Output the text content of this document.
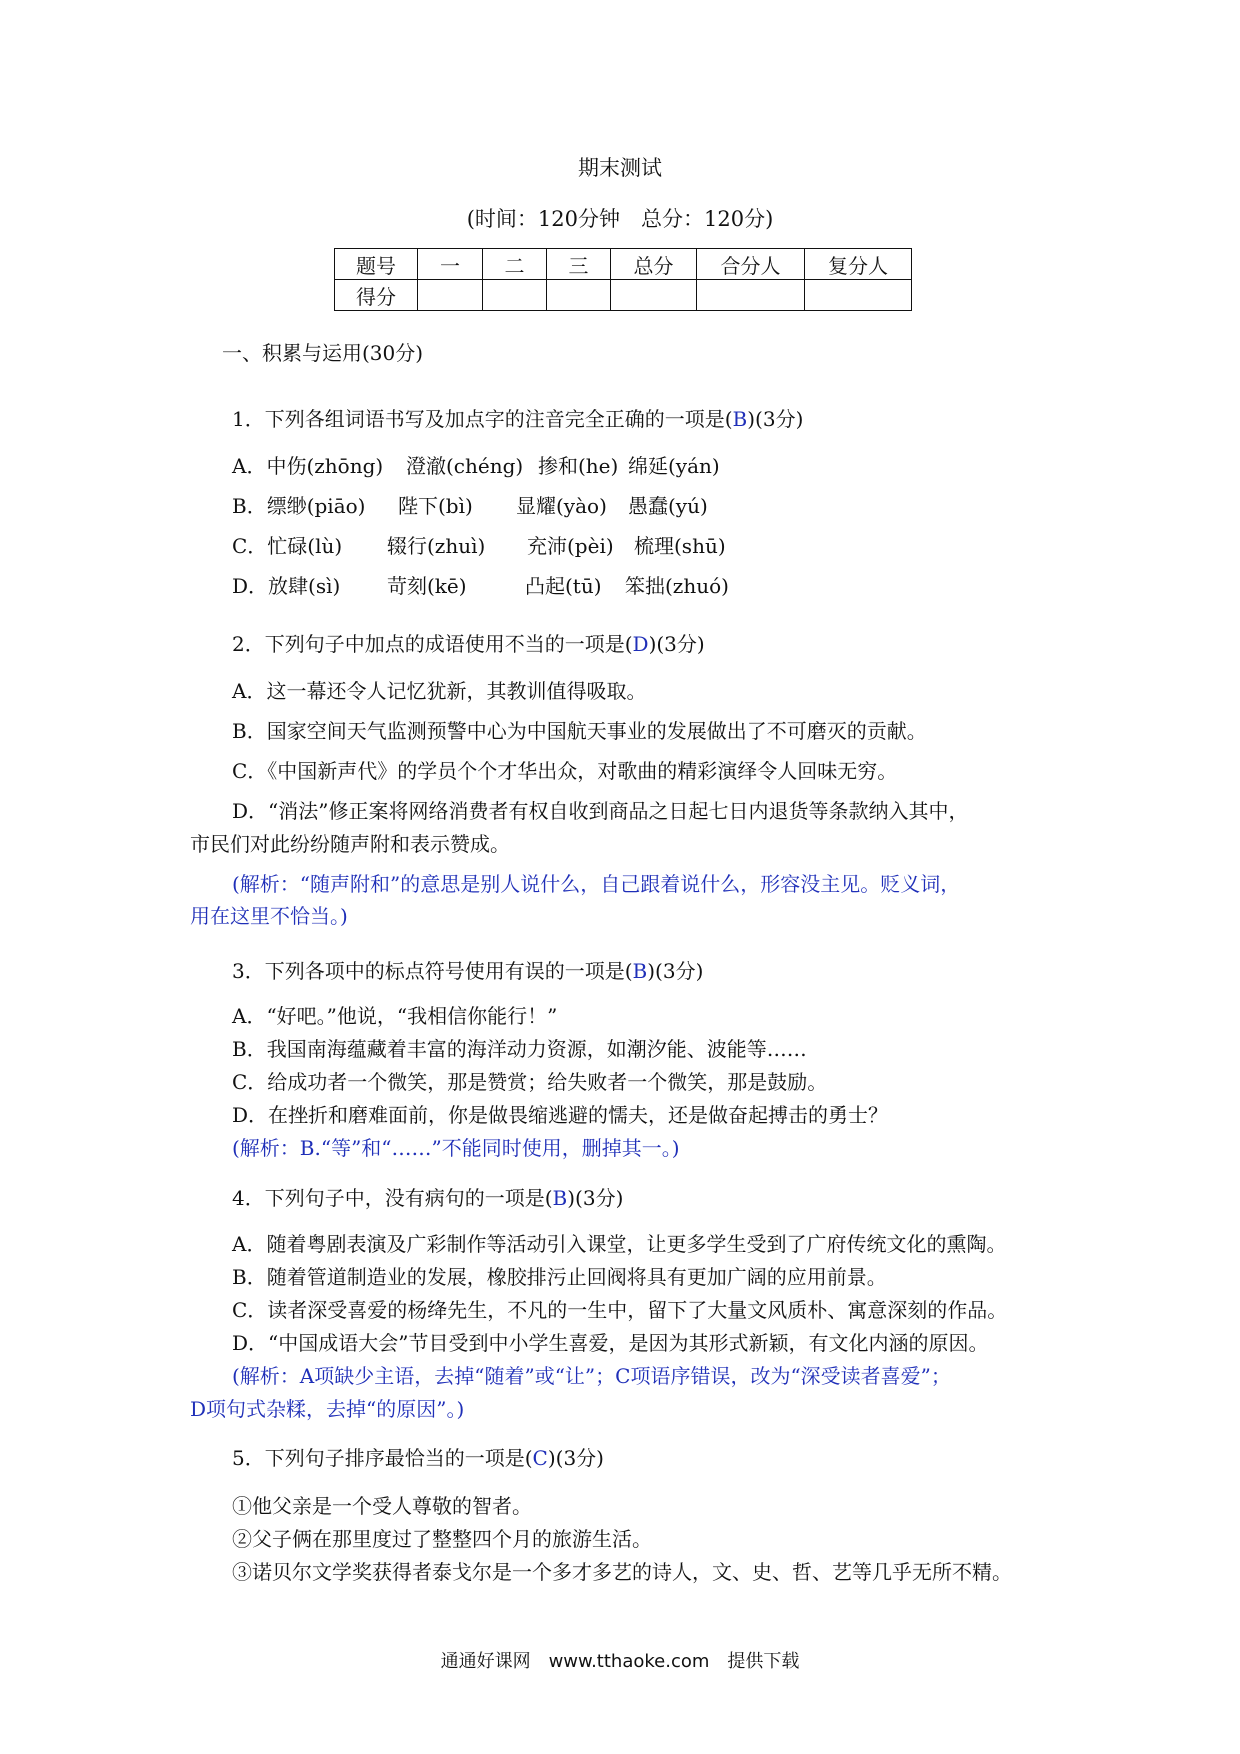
期末测试
(时间：120分钟　总分：120分)
题号	一	二	三	总分	合分人	复分人
得分						
一、积累与运用(30分)
1．下列各组词语书写及加点字的注音完全正确的一项是(B)(3分)
A．中伤(zhōng) 澄澈(chéng) 掺和(he) 绵延(yán)
B．缥缈(piāo) 陛下(bì) 显耀(yào) 愚蠢(yú)
C．忙碌(lù) 辍行(zhuì) 充沛(pèi) 梳理(shū)
D．放肆(sì) 苛刻(kē)	凸起(tū) 笨拙(zhuó)
2．下列句子中加点的成语使用不当的一项是(D)(3分)
A．这一幕还令人记忆犹新，其教训值得吸取。
B．国家空间天气监测预警中心为中国航天事业的发展做出了不可磨灭的贡献。
C．《中国新声代》的学员个个才华出众，对歌曲的精彩演绎令人回味无穷。
D．“消法”修正案将网络消费者有权自收到商品之日起七日内退货等条款纳入其中，
市民们对此纷纷随声附和表示赞成。
(解析：“随声附和”的意思是别人说什么，自己跟着说什么，形容没主见。贬义词，
用在这里不恰当。)
3．下列各项中的标点符号使用有误的一项是(B)(3分)
A．“好吧。”他说，“我相信你能行！”
B．我国南海蕴藏着丰富的海洋动力资源，如潮汐能、波能等……
C．给成功者一个微笑，那是赞赏；给失败者一个微笑，那是鼓励。
D．在挫折和磨难面前，你是做畏缩逃避的懦夫，还是做奋起搏击的勇士？
(解析：B.“等”和“……”不能同时使用，删掉其一。)
4．下列句子中，没有病句的一项是(B)(3分)
A．随着粤剧表演及广彩制作等活动引入课堂，让更多学生受到了广府传统文化的熏陶。
B．随着管道制造业的发展，橡胶排污止回阀将具有更加广阔的应用前景。
C．读者深受喜爱的杨绛先生，不凡的一生中，留下了大量文风质朴、寓意深刻的作品。
D．“中国成语大会”节目受到中小学生喜爱，是因为其形式新颖，有文化内涵的原因。
(解析：A项缺少主语，去掉“随着”或“让”；C项语序错误，改为“深受读者喜爱”；
D项句式杂糅，去掉“的原因”。)
5．下列句子排序最恰当的一项是(C)(3分)
①他父亲是一个受人尊敬的智者。
②父子俩在那里度过了整整四个月的旅游生活。
③诺贝尔文学奖获得者泰戈尔是一个多才多艺的诗人，文、史、哲、艺等几乎无所不精。
通通好课网　www.tthaoke.com　提供下载
